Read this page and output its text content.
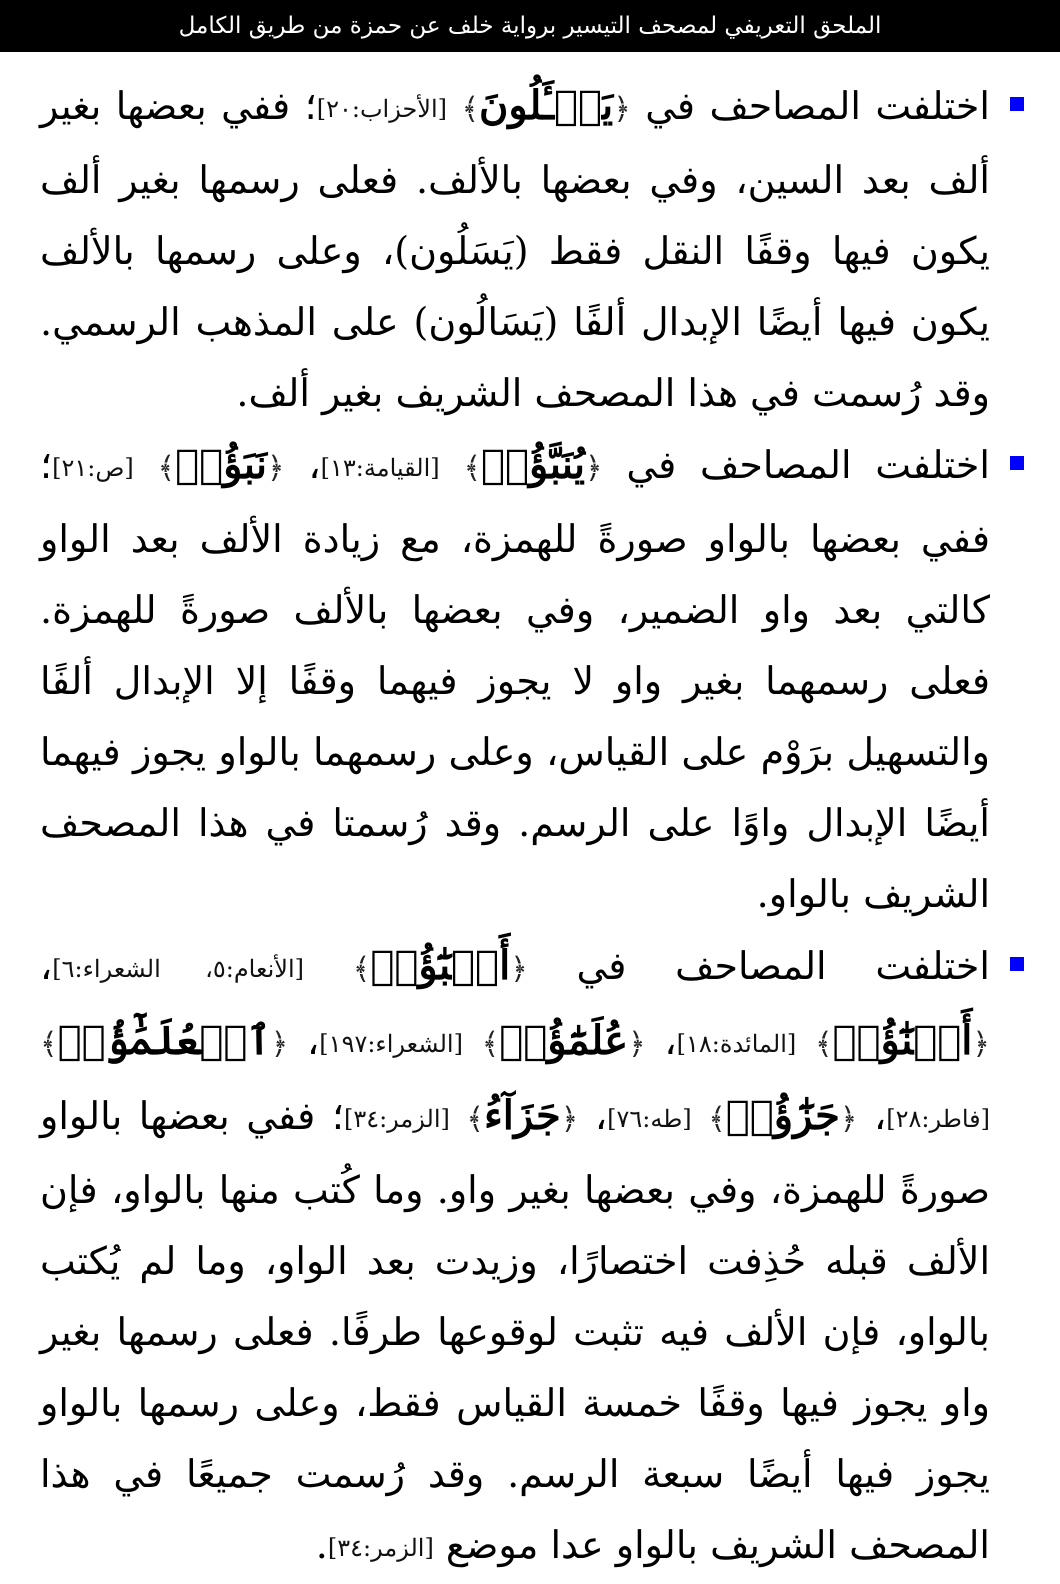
الملحق التعريفي لمصحف التيسير برواية خلف عن حمزة من طريق الكامل

اختلفت المصاحف في ﴿يَسۡـَٔلُونَ﴾ [الأحزاب:٢٠]؛ ففي بعضها بغير ألف بعد السين، وفي بعضها بالألف. فعلى رسمها بغير ألف يكون فيها وقفًا النقل فقط (يَسَلُون)، وعلى رسمها بالألف يكون فيها أيضًا الإبدال ألفًا (يَسَالُون) على المذهب الرسمي. وقد رُسمت في هذا المصحف الشريف بغير ألف.

اختلفت المصاحف في ﴿يُنَبَّؤُا۟﴾ [القيامة:١٣]، ﴿نَبَؤُا۟﴾ [ص:٢١]؛ ففي بعضها بالواو صورةً للهمزة، مع زيادة الألف بعد الواو كالتي بعد واو الضمير، وفي بعضها بالألف صورةً للهمزة. فعلى رسمهما بغير واو لا يجوز فيهما وقفًا إلا الإبدال ألفًا والتسهيل برَوْم على القياس، وعلى رسمهما بالواو يجوز فيهما أيضًا الإبدال واوًا على الرسم. وقد رُسمتا في هذا المصحف الشريف بالواو.

اختلفت المصاحف في ﴿أَنۢبَٰٓؤُا۟﴾ [الأنعام:٥، الشعراء:٦]، ﴿أَبۡنَٰٓؤُا۟﴾ [المائدة:١٨]، ﴿عُلَمَٰٓؤُا۟﴾ [الشعراء:١٩٧]، ﴿ٱلۡعُلَمَٰٓؤُا۟﴾ [فاطر:٢٨]، ﴿جَزَٰٓؤُا۟﴾ [طه:٧٦]، ﴿جَزَآءُ﴾ [الزمر:٣٤]؛ ففي بعضها بالواو صورةً للهمزة، وفي بعضها بغير واو. وما كُتب منها بالواو، فإن الألف قبله حُذِفت اختصارًا، وزيدت بعد الواو، وما لم يُكتب بالواو، فإن الألف فيه تثبت لوقوعها طرفًا. فعلى رسمها بغير واو يجوز فيها وقفًا خمسة القياس فقط، وعلى رسمها بالواو يجوز فيها أيضًا سبعة الرسم. وقد رُسمت جميعًا في هذا المصحف الشريف بالواو عدا موضع [الزمر:٣٤].
